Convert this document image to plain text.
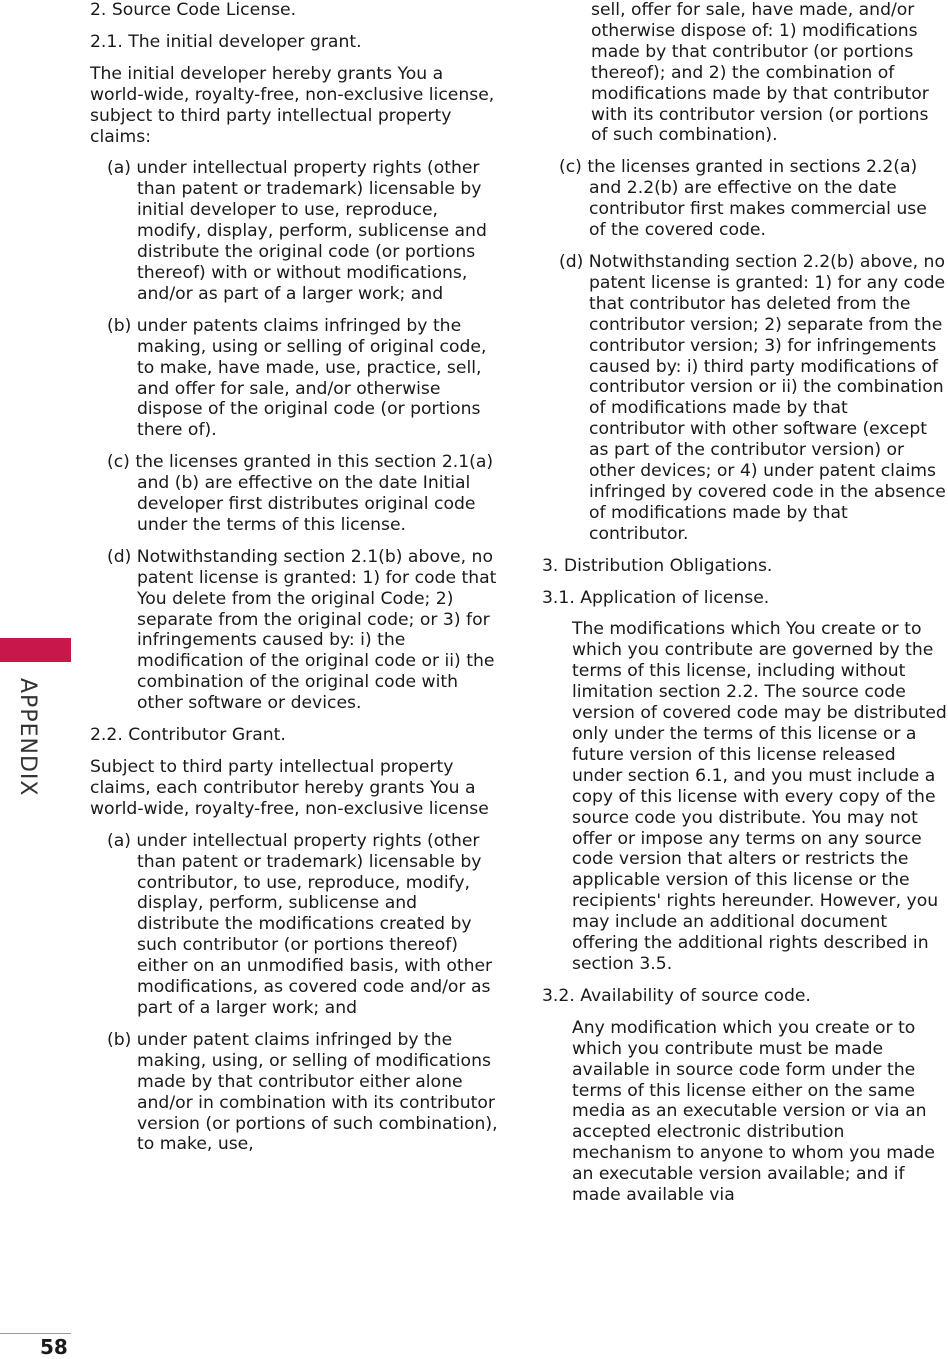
APPENDIX

2. Source Code License.

2.1. The initial developer grant.

The initial developer hereby grants You a world-wide, royalty-free, non-exclusive license, subject to third party intellectual property claims:

(a) under intellectual property rights (other than patent or trademark) licensable by initial developer to use, reproduce, modify, display, perform, sublicense and distribute the original code (or portions thereof) with or without modifications, and/or as part of a larger work; and

(b) under patents claims infringed by the making, using or selling of original code, to make, have made, use, practice, sell, and offer for sale, and/or otherwise dispose of the original code (or portions there of).

(c) the licenses granted in this section 2.1(a) and (b) are effective on the date Initial developer first distributes original code under the terms of this license.

(d) Notwithstanding section 2.1(b) above, no patent license is granted: 1) for code that You delete from the original Code; 2) separate from the original code; or 3) for infringements caused by: i) the modification of the original code or ii) the combination of the original code with other software or devices.

2.2. Contributor Grant.

Subject to third party intellectual property claims, each contributor hereby grants You a world-wide, royalty-free, non-exclusive license

(a) under intellectual property rights (other than patent or trademark) licensable by contributor, to use, reproduce, modify, display, perform, sublicense and distribute the modifications created by such contributor (or portions thereof) either on an unmodified basis, with other modifications, as covered code and/or as part of a larger work; and

(b) under patent claims infringed by the making, using, or selling of modifications made by that contributor either alone and/or in combination with its contributor version (or portions of such combination), to make, use,

sell, offer for sale, have made, and/or otherwise dispose of: 1) modifications made by that contributor (or portions thereof); and 2) the combination of modifications made by that contributor with its contributor version (or portions of such combination).

(c) the licenses granted in sections 2.2(a) and 2.2(b) are effective on the date contributor first makes commercial use of the covered code.

(d) Notwithstanding section 2.2(b) above, no patent license is granted: 1) for any code that contributor has deleted from the contributor version; 2) separate from the contributor version; 3) for infringements caused by: i) third party modifications of contributor version or ii) the combination of modifications made by that contributor with other software (except as part of the contributor version) or other devices; or 4) under patent claims infringed by covered code in the absence of modifications made by that contributor.

3. Distribution Obligations.

3.1. Application of license.

The modifications which You create or to which you contribute are governed by the terms of this license, including without limitation section 2.2. The source code version of covered code may be distributed only under the terms of this license or a future version of this license released under section 6.1, and you must include a copy of this license with every copy of the source code you distribute. You may not offer or impose any terms on any source code version that alters or restricts the applicable version of this license or the recipients' rights hereunder. However, you may include an additional document offering the additional rights described in section 3.5.

3.2. Availability of source code.

Any modification which you create or to which you contribute must be made available in source code form under the terms of this license either on the same media as an executable version or via an accepted electronic distribution mechanism to anyone to whom you made an executable version available; and if made available via

58
